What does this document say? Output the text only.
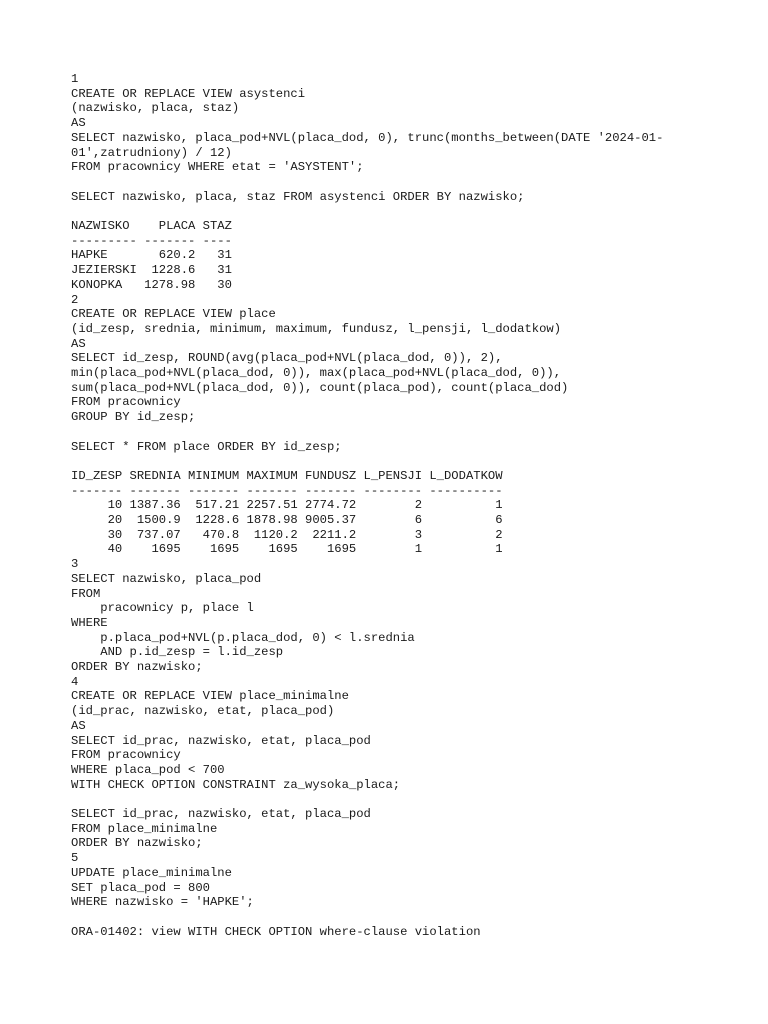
1
CREATE OR REPLACE VIEW asystenci
(nazwisko, placa, staz)
AS
SELECT nazwisko, placa_pod+NVL(placa_dod, 0), trunc(months_between(DATE '2024-01-
01',zatrudniony) / 12)
FROM pracownicy WHERE etat = 'ASYSTENT';
SELECT nazwisko, placa, staz FROM asystenci ORDER BY nazwisko;
NAZWISKO    PLACA STAZ
--------- ------- ----
HAPKE       620.2   31
JEZIERSKI  1228.6   31
KONOPKA   1278.98   30
2
CREATE OR REPLACE VIEW place
(id_zesp, srednia, minimum, maximum, fundusz, l_pensji, l_dodatkow)
AS
SELECT id_zesp, ROUND(avg(placa_pod+NVL(placa_dod, 0)), 2),
min(placa_pod+NVL(placa_dod, 0)), max(placa_pod+NVL(placa_dod, 0)),
sum(placa_pod+NVL(placa_dod, 0)), count(placa_pod), count(placa_dod)
FROM pracownicy
GROUP BY id_zesp;
SELECT * FROM place ORDER BY id_zesp;
ID_ZESP SREDNIA MINIMUM MAXIMUM FUNDUSZ L_PENSJI L_DODATKOW
------- ------- ------- ------- ------- -------- ----------
10 1387.36  517.21 2257.51 2774.72        2          1
20  1500.9  1228.6 1878.98 9005.37        6          6
30  737.07   470.8  1120.2  2211.2        3          2
40    1695    1695    1695    1695        1          1
3
SELECT nazwisko, placa_pod
FROM
pracownicy p, place l
WHERE
p.placa_pod+NVL(p.placa_dod, 0) < l.srednia
AND p.id_zesp = l.id_zesp
ORDER BY nazwisko;
4
CREATE OR REPLACE VIEW place_minimalne
(id_prac, nazwisko, etat, placa_pod)
AS
SELECT id_prac, nazwisko, etat, placa_pod
FROM pracownicy
WHERE placa_pod < 700
WITH CHECK OPTION CONSTRAINT za_wysoka_placa;
SELECT id_prac, nazwisko, etat, placa_pod
FROM place_minimalne
ORDER BY nazwisko;
5
UPDATE place_minimalne
SET placa_pod = 800
WHERE nazwisko = 'HAPKE';
ORA-01402: view WITH CHECK OPTION where-clause violation
